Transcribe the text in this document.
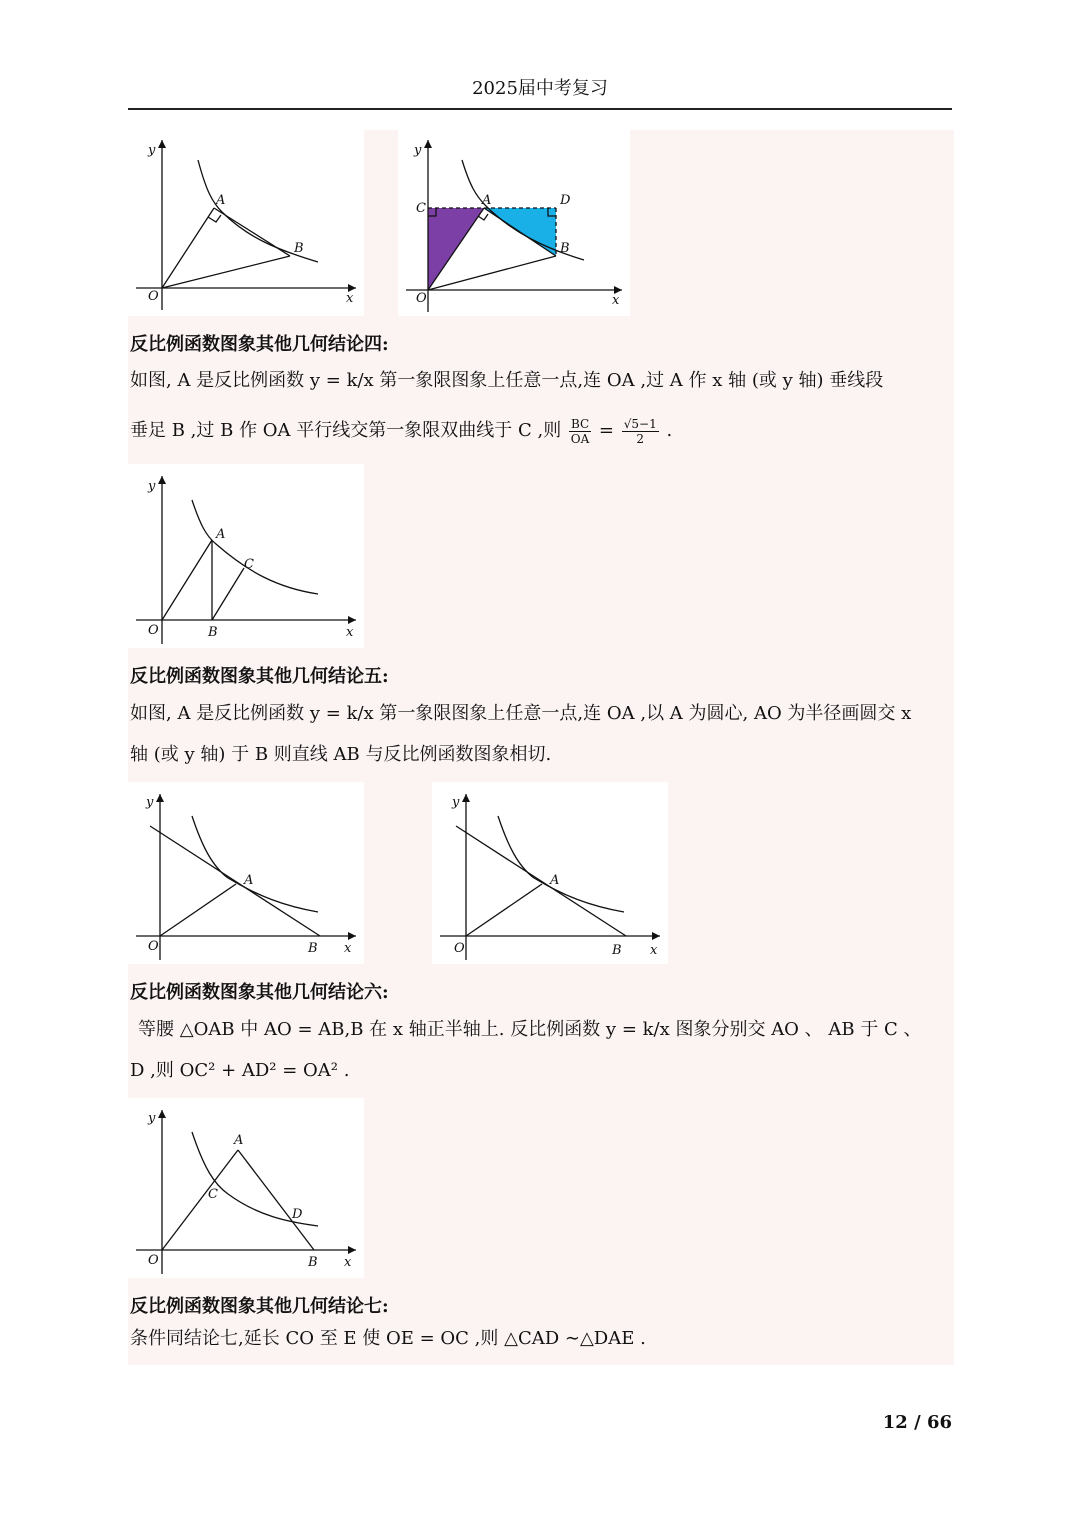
2025届中考复习
y
x
O
A
B
y
x
O
C
A	D
B
反比例函数图象其他几何结论四:
如图, A 是反比例函数 y = k/x 第一象限图象上任意一点,连 OA ,过 A 作 x 轴 (或 y 轴) 垂线段
垂足 B ,过 B 作 OA 平行线交第一象限双曲线于 C ,则 $\frac{BC}{OA} = \frac{√5-1}{2}$ .
y
x
O
A
B
C
反比例函数图象其他几何结论五:
如图, A 是反比例函数 y = k/x 第一象限图象上任意一点,连 OA ,以 A 为圆心, AO 为半径画圆交 x
轴 (或 y 轴) 于 B 则直线 AB 与反比例函数图象相切.
y
x
O
A
B
y
x
O
A
B
反比例函数图象其他几何结论六:
等腰 △OAB 中 AO = AB,B 在 x 轴正半轴上. 反比例函数 y = k/x 图象分别交 AO 、 AB 于 C 、
D ,则 OC² + AD² = OA² .
y
x
O
A
B
C
D
反比例函数图象其他几何结论七:
条件同结论七,延长 CO 至 E 使 OE = OC ,则 △CAD ∼△DAE .
12 / 66
